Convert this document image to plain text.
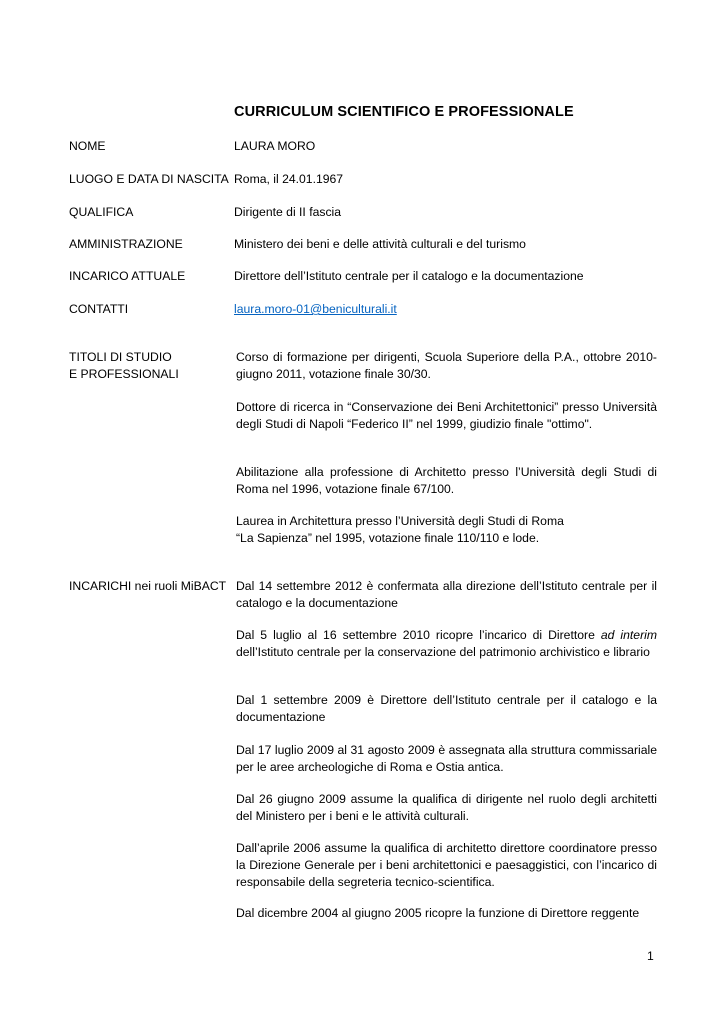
CURRICULUM SCIENTIFICO E PROFESSIONALE
NOME	LAURA MORO
LUOGO E DATA DI NASCITA Roma, il 24.01.1967
QUALIFICA	Dirigente di II fascia
AMMINISTRAZIONE	Ministero dei beni e delle attività culturali e del turismo
INCARICO ATTUALE	Direttore dell’Istituto centrale per il catalogo e la documentazione
CONTATTI	laura.moro-01@beniculturali.it
TITOLI DI STUDIO
E PROFESSIONALI
Corso di formazione per dirigenti, Scuola Superiore della P.A., ottobre 2010-giugno 2011, votazione finale 30/30.
Dottore di ricerca in “Conservazione dei Beni Architettonici” presso Università degli Studi di Napoli “Federico II” nel 1999, giudizio finale "ottimo".
Abilitazione alla professione di Architetto presso l’Università degli Studi di Roma nel 1996, votazione finale 67/100.
Laurea in Architettura presso l’Università degli Studi di Roma
“La Sapienza” nel 1995, votazione finale 110/110 e lode.
INCARICHI nei ruoli MiBACT Dal 14 settembre 2012 è confermata alla direzione dell’Istituto centrale per il catalogo e la documentazione
Dal 5 luglio al 16 settembre 2010 ricopre l’incarico di Direttore ad interim dell’Istituto centrale per la conservazione del patrimonio archivistico e librario
Dal 1 settembre 2009 è Direttore dell’Istituto centrale per il catalogo e la documentazione
Dal 17 luglio 2009 al 31 agosto 2009 è assegnata alla struttura commissariale per le aree archeologiche di Roma e Ostia antica.
Dal 26 giugno 2009 assume la qualifica di dirigente nel ruolo degli architetti del Ministero per i beni e le attività culturali.
Dall’aprile 2006 assume la qualifica di architetto direttore coordinatore presso la Direzione Generale per i beni architettonici e paesaggistici, con l’incarico di responsabile della segreteria tecnico-scientifica.
Dal dicembre 2004 al giugno 2005 ricopre la funzione di Direttore reggente
1
